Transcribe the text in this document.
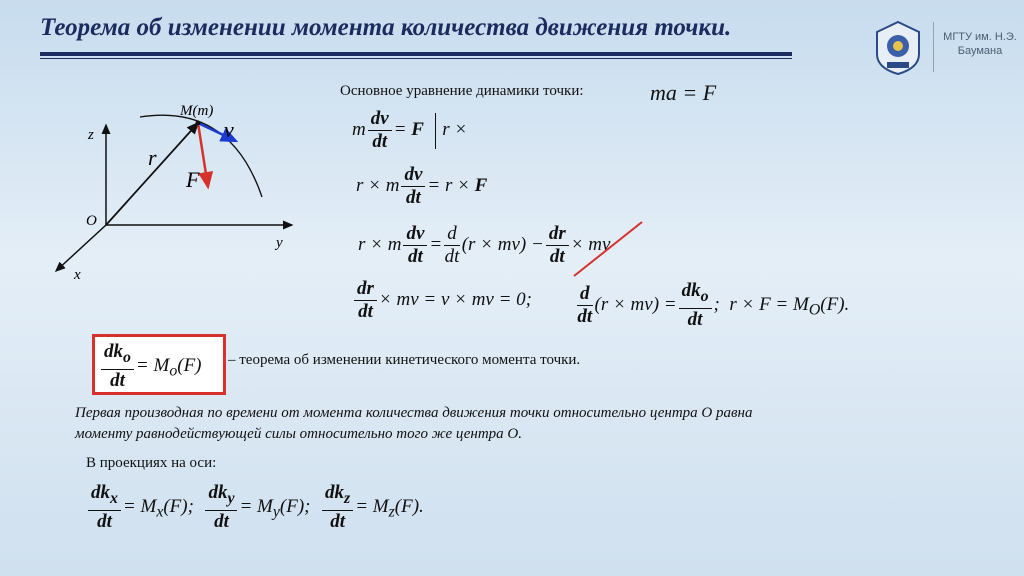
Теорема об изменении момента количества движения точки.	МГТУ им. Н.Э. Баумана
z
y
x
O
M(m)
r
v
F
Основное уравнение динамики точки:	ma = F
m $\frac{dv}{dt} = F$ r ×
r × m $\frac{dv}{dt} = r \times F$
r × m $\frac{dv}{dt} = \frac{d}{dt} (r \times mv) - \frac{dr}{dt}$ × mv
$\frac{dr}{dt}$ × mv = v × mv = 0; $\frac{d}{dt} (r \times mv) = \frac{dk_o}{dt}$ ;  $r \times F = M_O(F)$.
$\frac{dk_o}{dt} = M_o(F)$ – теорема об изменении кинетического момента точки.
Первая производная по времени от момента количества движения точки относительно центра О равна моменту равнодействующей силы относительно того же центра О.
В проекциях на оси:
$\frac{dk_x}{dt} = M_x(F)$; $\frac{dk_y}{dt} = M_y(F)$; $\frac{dk_z}{dt} = M_z(F)$.
